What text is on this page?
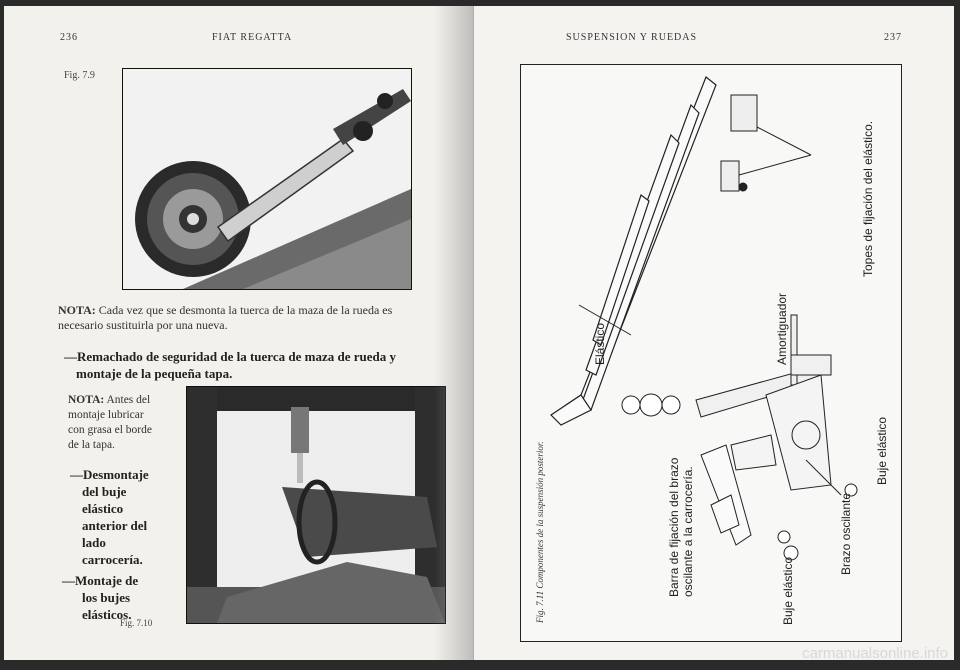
236	FIAT REGATTA
Fig. 7.9
NOTA: Cada vez que se desmonta la tuerca de la maza de la rueda es
necesario sustituirla por una nueva.
—Remachado de seguridad de la tuerca de maza de rueda y
montaje de la pequeña tapa.
NOTA: Antes del
montaje lubricar
con grasa el borde
de la tapa.
—Desmontaje
del buje
elástico
anterior del
lado
carrocería.
—Montaje de
los bujes
elásticos.
Fig. 7.10
SUSPENSION Y RUEDAS	237
Topes de fijación del elástico.
Elástico	Amortiguador
Barra de fijación del brazo oscilante a la carrocería.	Buje elástico
Brazo oscilante
Buje elástico
Fig. 7.11 Componentes de la suspensión posterior.
carmanualsonline.info
